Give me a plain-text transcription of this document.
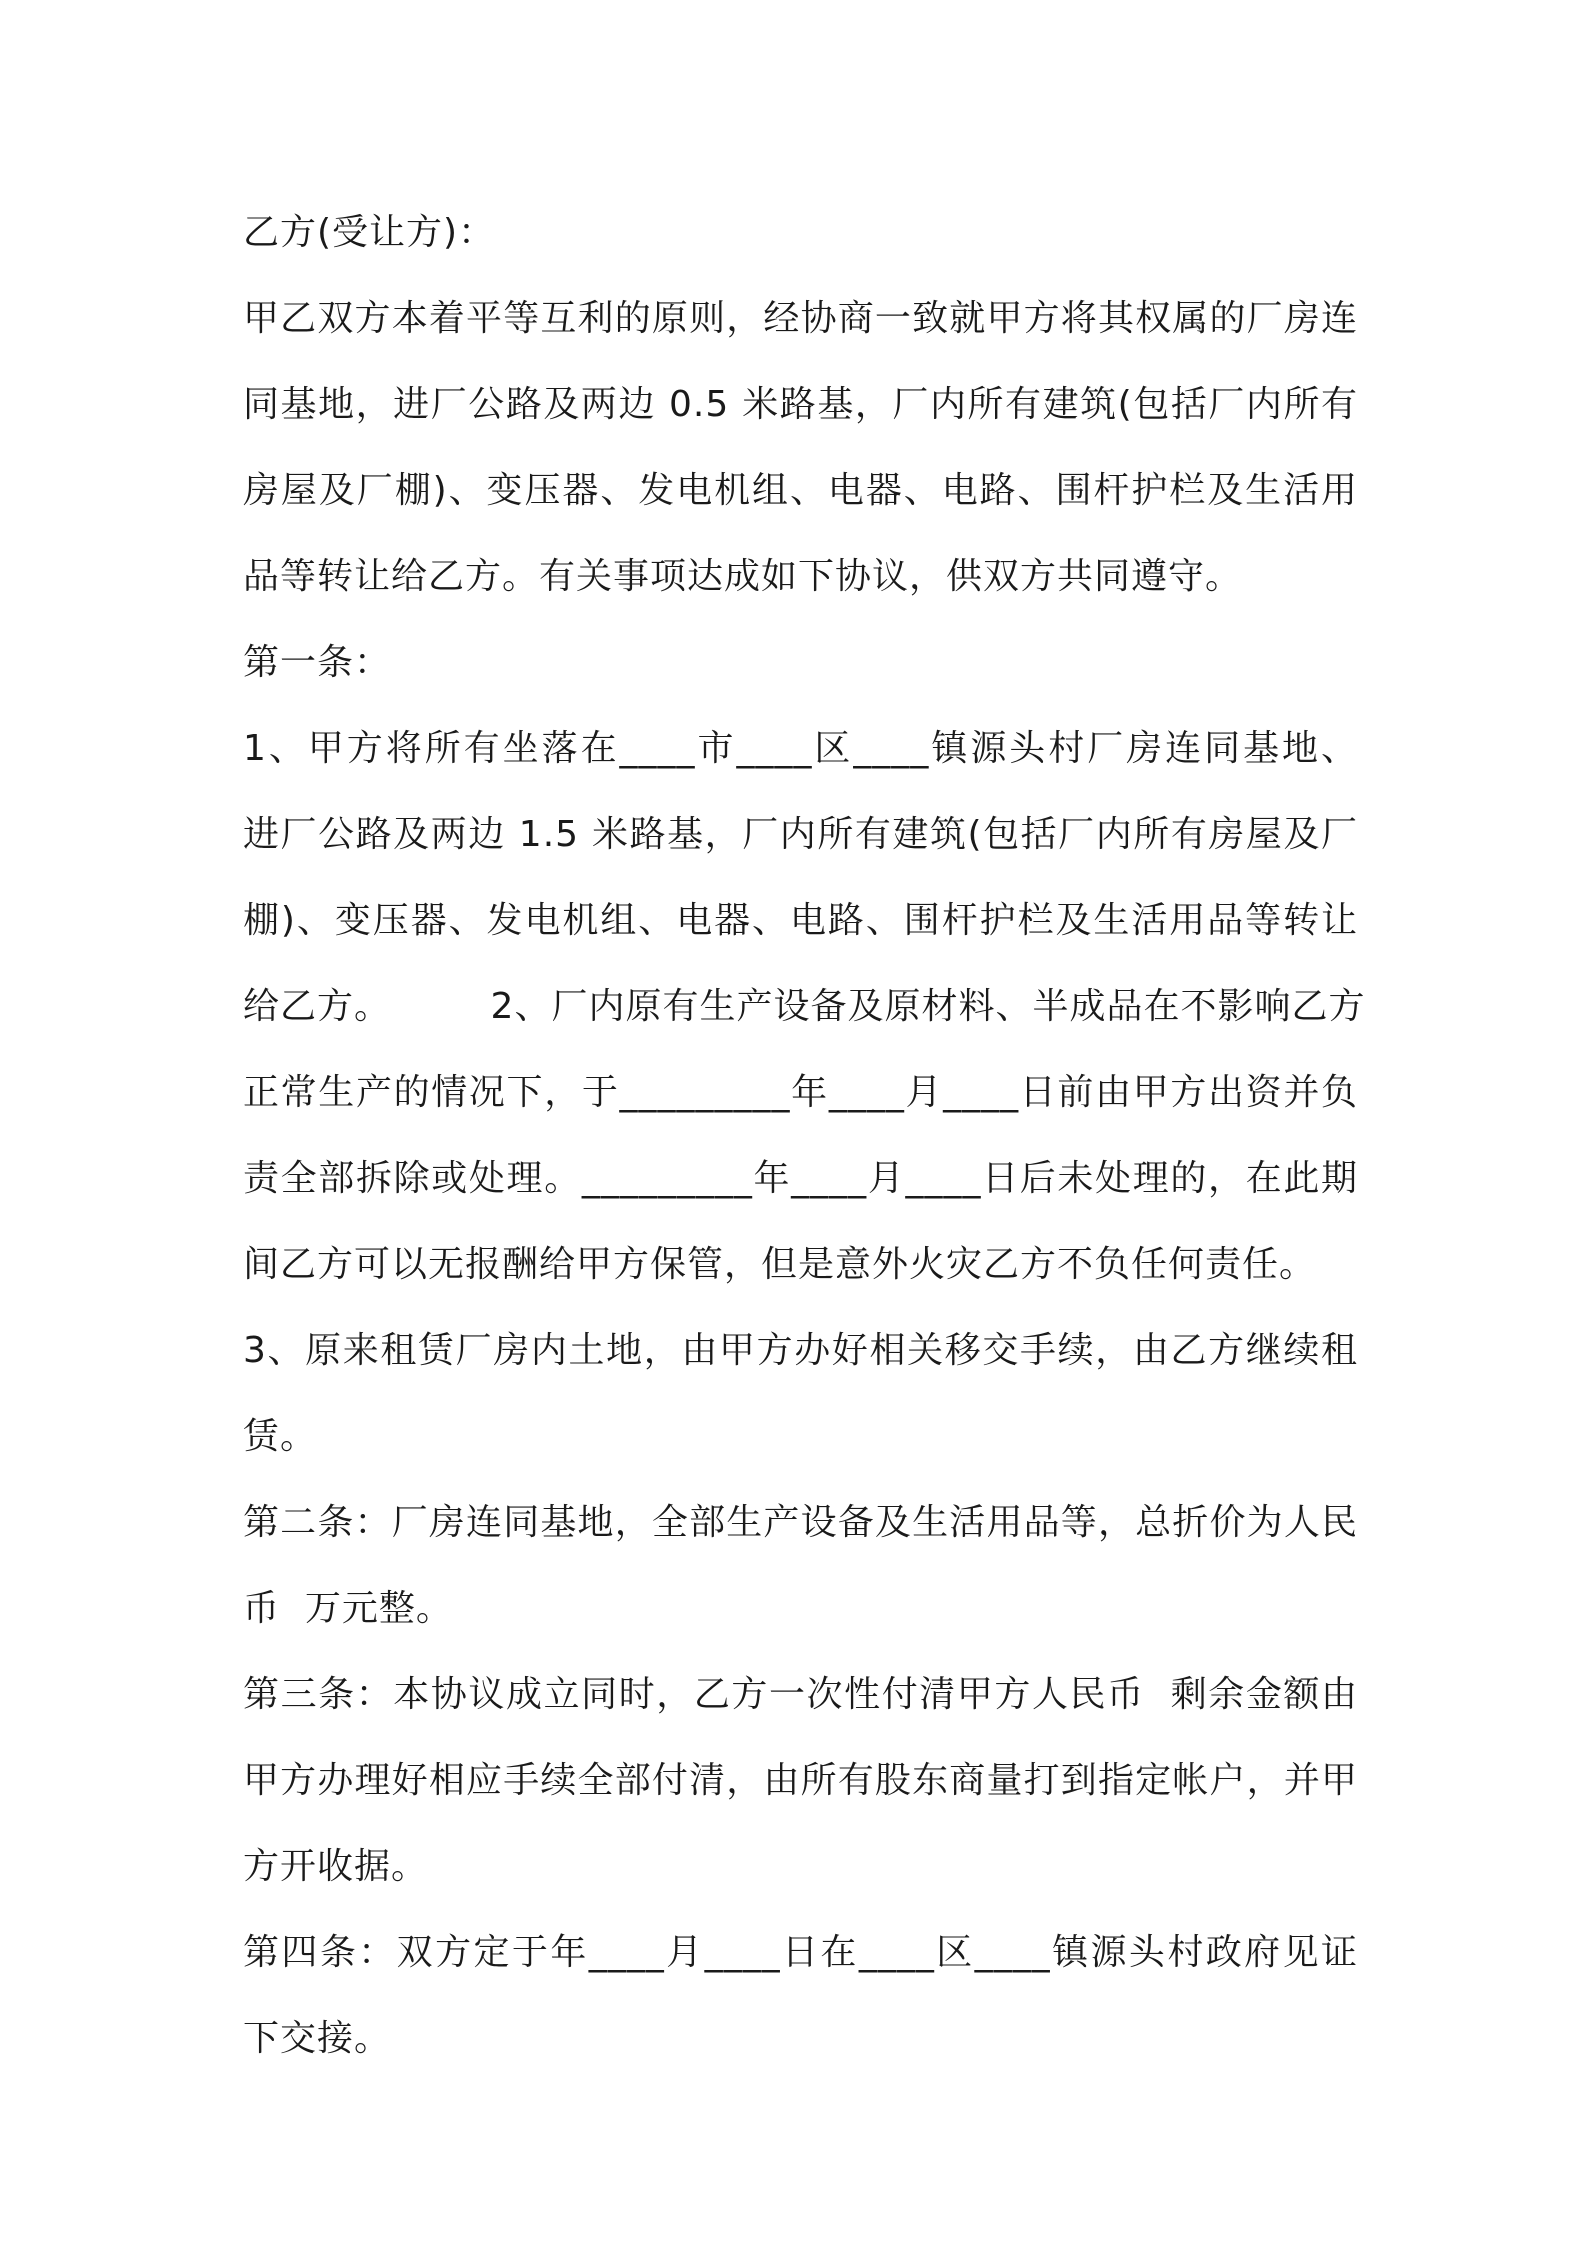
乙方(受让方)：
甲乙双方本着平等互利的原则，经协商一致就甲方将其权属的厂房连
同基地，进厂公路及两边 0.5 米路基，厂内所有建筑(包括厂内所有
房屋及厂棚)、变压器、发电机组、电器、电路、围杆护栏及生活用
品等转让给乙方。有关事项达成如下协议，供双方共同遵守。
第一条：
1、甲方将所有坐落在____市____区____镇源头村厂房连同基地、
进厂公路及两边 1.5 米路基，厂内所有建筑(包括厂内所有房屋及厂
棚)、变压器、发电机组、电器、电路、围杆护栏及生活用品等转让
给乙方。        2、厂内原有生产设备及原材料、半成品在不影响乙方
正常生产的情况下，于_________年____月____日前由甲方出资并负
责全部拆除或处理。_________年____月____日后未处理的，在此期
间乙方可以无报酬给甲方保管，但是意外火灾乙方不负任何责任。
3、原来租赁厂房内土地，由甲方办好相关移交手续，由乙方继续租
赁。
第二条：厂房连同基地，全部生产设备及生活用品等，总折价为人民
币  万元整。
第三条：本协议成立同时，乙方一次性付清甲方人民币  剩余金额由
甲方办理好相应手续全部付清，由所有股东商量打到指定帐户，并甲
方开收据。
第四条：双方定于年____月____日在____区____镇源头村政府见证
下交接。
